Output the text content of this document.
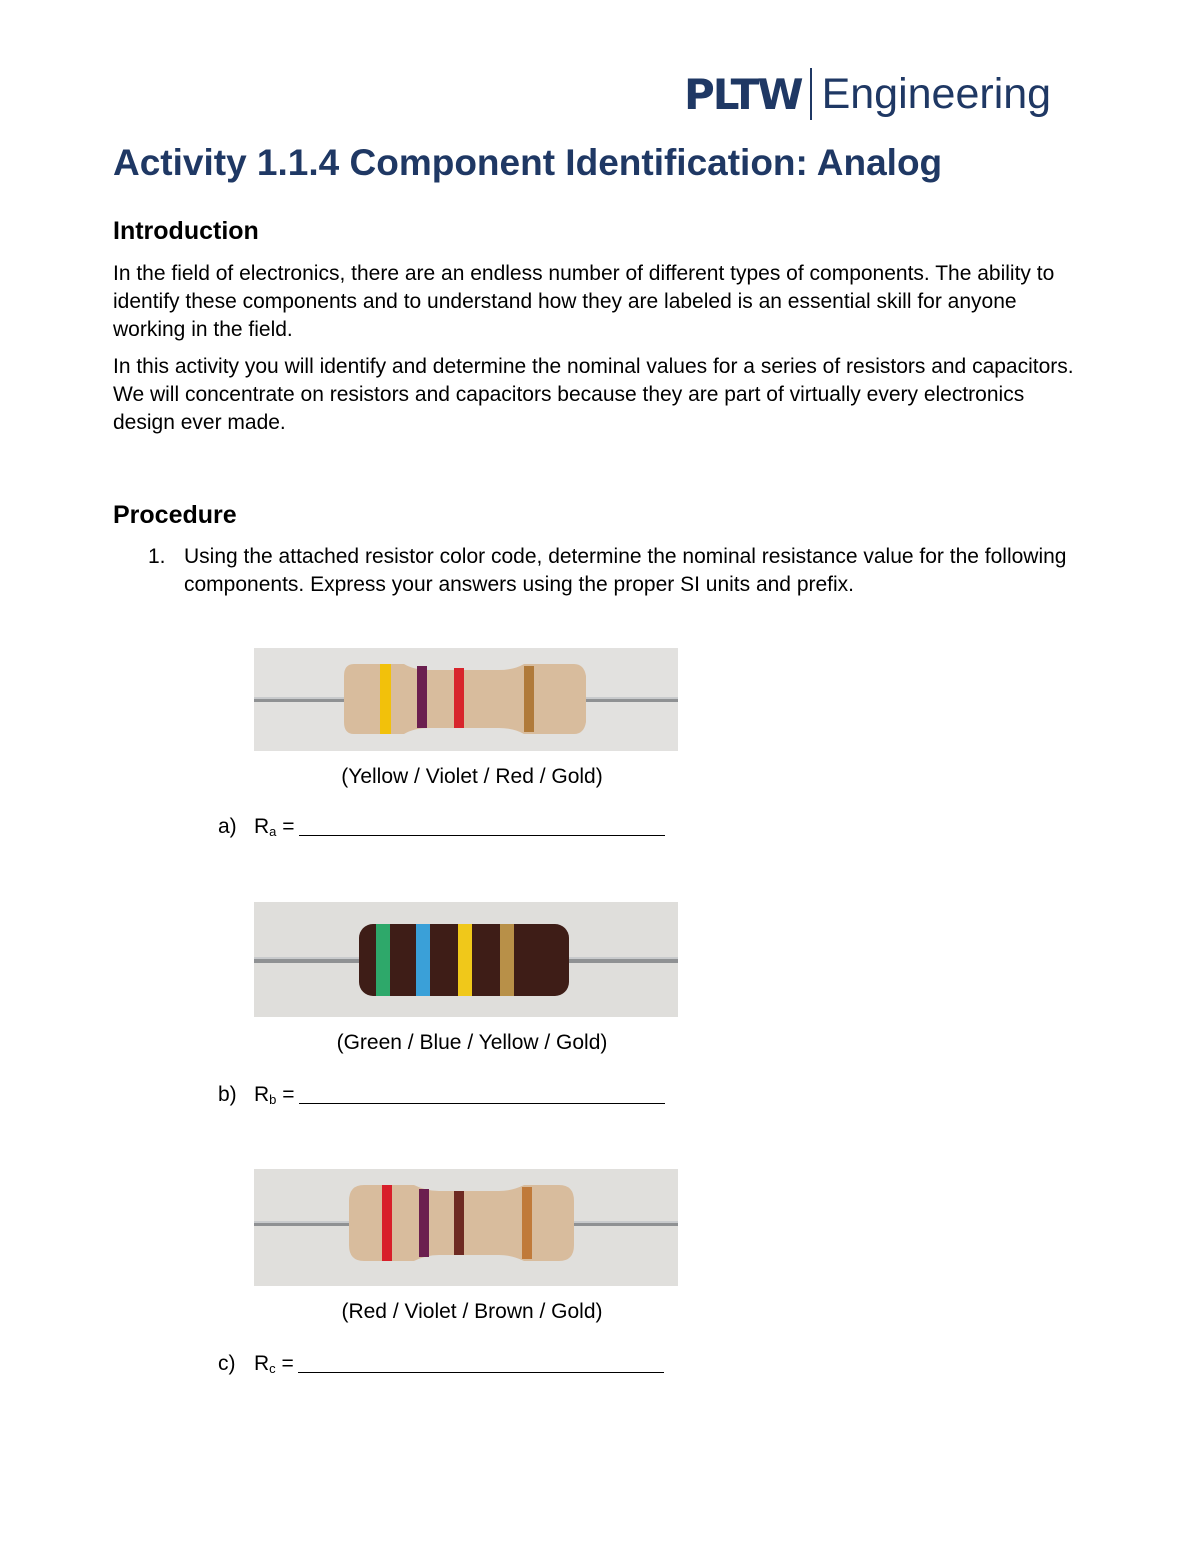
PLTW Engineering
Activity 1.1.4 Component Identification: Analog
Introduction

In the field of electronics, there are an endless number of different types of components. The ability to identify these components and to understand how they are labeled is an essential skill for anyone working in the field.

In this activity you will identify and determine the nominal values for a series of resistors and capacitors. We will concentrate on resistors and capacitors because they are part of virtually every electronics design ever made.

Procedure
1. Using the attached resistor color code, determine the nominal resistance value for the following components. Express your answers using the proper SI units and prefix.
(Yellow / Violet / Red / Gold)
a) Ra =
(Green / Blue / Yellow / Gold)
b) Rb =
(Red / Violet / Brown / Gold)
c) Rc =
